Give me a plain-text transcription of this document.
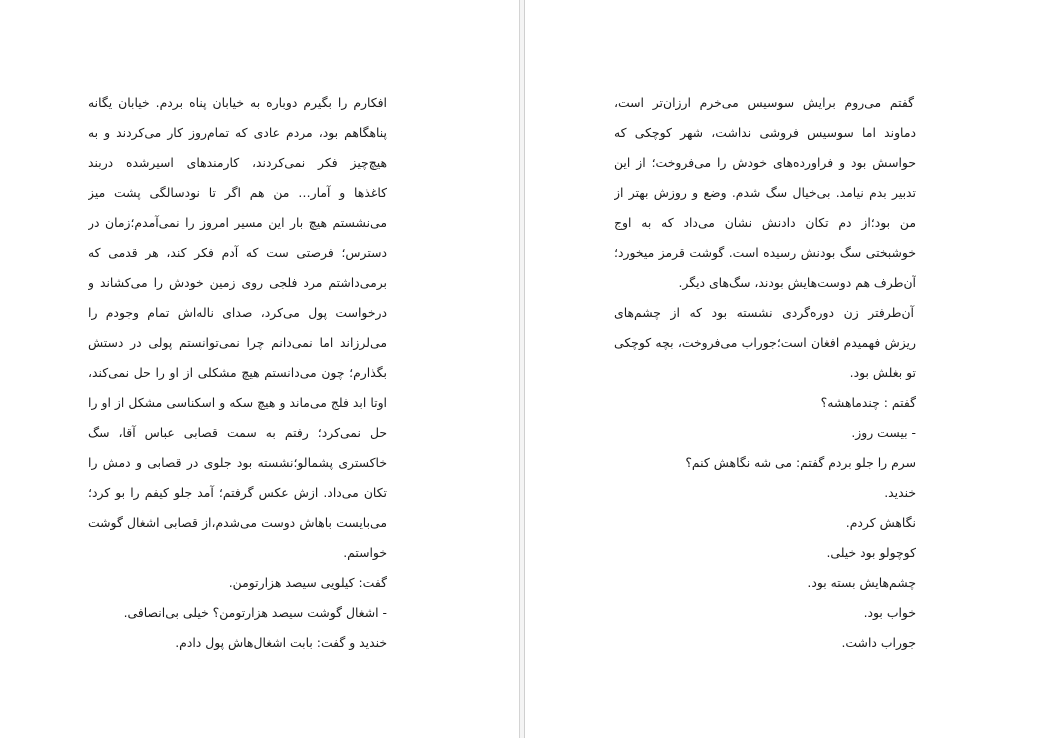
افکارم را بگیرم دوباره به خیابان پناه بردم. خیابان یگانه
پناهگاهم بود، مردم عادی که تمام‌روز کار می‌کردند و به
هیچ‌چیز فکر نمی‌کردند، کارمندهای اسیرشده دربند
کاغذها و آمار… من هم اگر تا نودسالگی پشت میز
می‌نشستم هیچ بار این مسیر امروز را نمی‌آمدم؛زمان در
دسترس؛ فرصتی ست که آدم فکر کند، هر قدمی که
برمی‌داشتم مرد فلجی روی زمین خودش را می‌کشاند و
درخواست پول می‌کرد، صدای ناله‌اش تمام وجودم را
می‌لرزاند اما نمی‌دانم چرا نمی‌توانستم پولی در دستش
بگذارم؛ چون می‌دانستم هیچ مشکلی از او را حل نمی‌کند،
اوتا ابد فلج می‌ماند و هیچ سکه و اسکناسی مشکل از او را
حل نمی‌کرد؛ رفتم به سمت قصابی عباس آقا، سگ
خاکستری پشمالو؛نشسته بود جلوی در قصابی و دمش را
تکان می‌داد. ازش عکس گرفتم؛ آمد جلو کیفم را بو کرد؛
می‌بایست باهاش دوست می‌شدم،از قصابی اشغال گوشت
خواستم.
گفت: کیلویی سیصد هزارتومن.
- اشغال گوشت سیصد هزارتومن؟ خیلی بی‌انصافی.
خندید و گفت: بابت اشغال‌هاش پول دادم.
گفتم می‌روم برایش سوسیس می‌خرم ارزان‌تر است،
دماوند اما سوسیس فروشی نداشت، شهر کوچکی که
حواسش بود و فراورده‌های خودش را می‌فروخت؛ از این
تدبیر بدم نیامد. بی‌خیال سگ شدم. وضع و روزش بهتر از
من بود؛از دم تکان دادنش نشان می‌داد که به اوج
خوشبختی سگ بودنش رسیده است. گوشت قرمز میخورد؛
آن‌طرف هم دوست‌هایش بودند، سگ‌های دیگر.
آن‌طرفتر زن دوره‌گردی نشسته بود که از چشم‌های
ریزش فهمیدم افغان است؛جوراب می‌فروخت، بچه کوچکی
تو بغلش بود.
گفتم : چندماهشه؟
- بیست روز.
سرم را جلو بردم گفتم: می شه نگاهش کنم؟
خندید.
نگاهش کردم.
کوچولو بود خیلی.
چشم‌هایش بسته بود.
خواب بود.
جوراب داشت.
